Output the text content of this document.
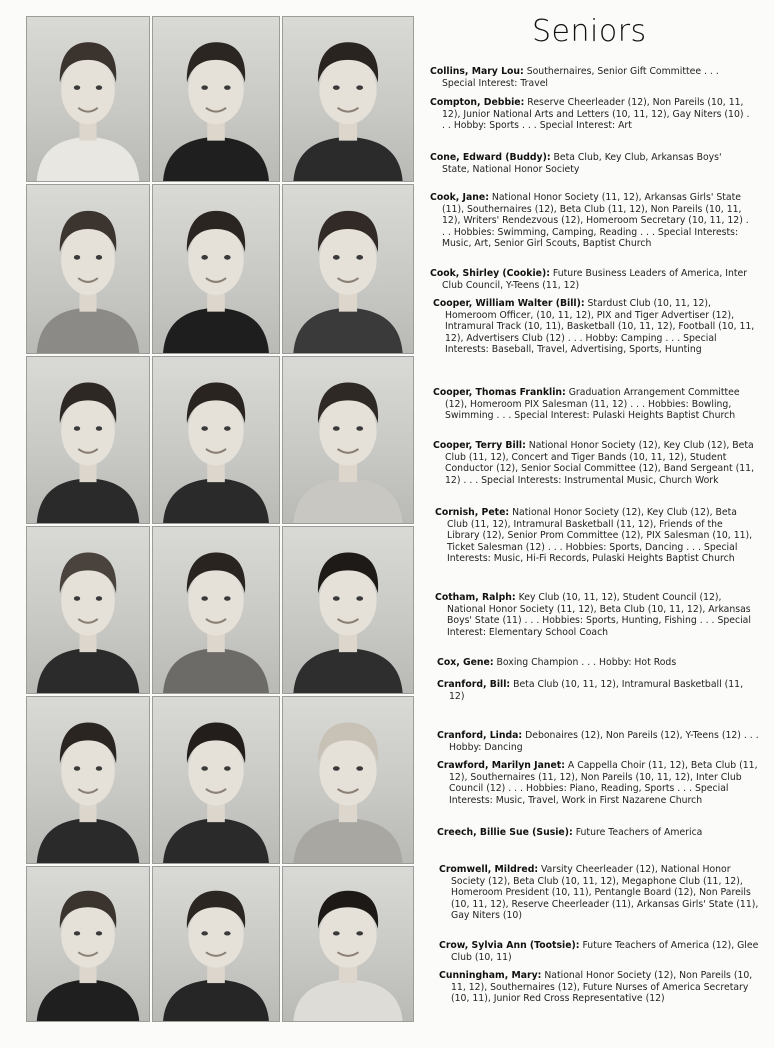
Seniors
Collins, Mary Lou: Southernaires, Senior Gift Committee . . . Special Interest: Travel
Compton, Debbie: Reserve Cheerleader (12), Non Pareils (10, 11, 12), Junior National Arts and Letters (10, 11, 12), Gay Niters (10) . . . Hobby: Sports . . . Special Interest: Art
Cone, Edward (Buddy): Beta Club, Key Club, Arkansas Boys' State, National Honor Society
Cook, Jane: National Honor Society (11, 12), Arkansas Girls' State (11), Southernaires (12), Beta Club (11, 12), Non Pareils (10, 11, 12), Writers' Rendezvous (12), Homeroom Secretary (10, 11, 12) . . . Hobbies: Swimming, Camping, Reading . . . Special Interests: Music, Art, Senior Girl Scouts, Baptist Church
Cook, Shirley (Cookie): Future Business Leaders of America, Inter Club Council, Y-Teens (11, 12)
Cooper, William Walter (Bill): Stardust Club (10, 11, 12), Homeroom Officer, (10, 11, 12), PIX and Tiger Advertiser (12), Intramural Track (10, 11), Basketball (10, 11, 12), Football (10, 11, 12), Advertisers Club (12) . . . Hobby: Camping . . . Special Interests: Baseball, Travel, Advertising, Sports, Hunting
Cooper, Thomas Franklin: Graduation Arrangement Committee (12), Homeroom PIX Salesman (11, 12) . . . Hobbies: Bowling, Swimming . . . Special Interest: Pulaski Heights Baptist Church
Cooper, Terry Bill: National Honor Society (12), Key Club (12), Beta Club (11, 12), Concert and Tiger Bands (10, 11, 12), Student Conductor (12), Senior Social Committee (12), Band Sergeant (11, 12) . . . Special Interests: Instrumental Music, Church Work
Cornish, Pete: National Honor Society (12), Key Club (12), Beta Club (11, 12), Intramural Basketball (11, 12), Friends of the Library (12), Senior Prom Committee (12), PIX Salesman (10, 11), Ticket Salesman (12) . . . Hobbies: Sports, Dancing . . . Special Interests: Music, Hi-Fi Records, Pulaski Heights Baptist Church
Cotham, Ralph: Key Club (10, 11, 12), Student Council (12), National Honor Society (11, 12), Beta Club (10, 11, 12), Arkansas Boys' State (11) . . . Hobbies: Sports, Hunting, Fishing . . . Special Interest: Elementary School Coach
Cox, Gene: Boxing Champion . . . Hobby: Hot Rods
Cranford, Bill: Beta Club (10, 11, 12), Intramural Basketball (11, 12)
Cranford, Linda: Debonaires (12), Non Pareils (12), Y-Teens (12) . . . Hobby: Dancing
Crawford, Marilyn Janet: A Cappella Choir (11, 12), Beta Club (11, 12), Southernaires (11, 12), Non Pareils (10, 11, 12), Inter Club Council (12) . . . Hobbies: Piano, Reading, Sports . . . Special Interests: Music, Travel, Work in First Nazarene Church
Creech, Billie Sue (Susie): Future Teachers of America
Cromwell, Mildred: Varsity Cheerleader (12), National Honor Society (12), Beta Club (10, 11, 12), Megaphone Club (11, 12), Homeroom President (10, 11), Pentangle Board (12), Non Pareils (10, 11, 12), Reserve Cheerleader (11), Arkansas Girls' State (11), Gay Niters (10)
Crow, Sylvia Ann (Tootsie): Future Teachers of America (12), Glee Club (10, 11)
Cunningham, Mary: National Honor Society (12), Non Pareils (10, 11, 12), Southernaires (12), Future Nurses of America Secretary (10, 11), Junior Red Cross Representative (12)
